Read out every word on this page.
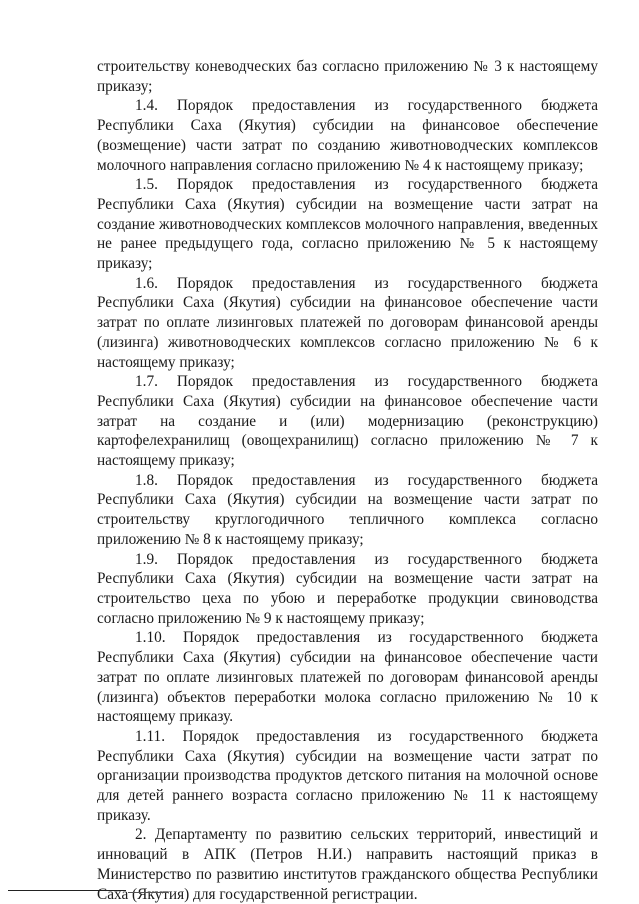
строительству коневодческих баз согласно приложению № 3 к настоящему приказу;

1.4. Порядок предоставления из государственного бюджета Республики Саха (Якутия) субсидии на финансовое обеспечение (возмещение) части затрат по созданию животноводческих комплексов молочного направления согласно приложению № 4 к настоящему приказу;

1.5. Порядок предоставления из государственного бюджета Республики Саха (Якутия) субсидии на возмещение части затрат на создание животноводческих комплексов молочного направления, введенных не ранее предыдущего года, согласно приложению № 5 к настоящему приказу;

1.6. Порядок предоставления из государственного бюджета Республики Саха (Якутия) субсидии на финансовое обеспечение части затрат по оплате лизинговых платежей по договорам финансовой аренды (лизинга) животноводческих комплексов согласно приложению № 6 к настоящему приказу;

1.7. Порядок предоставления из государственного бюджета Республики Саха (Якутия) субсидии на финансовое обеспечение части затрат на создание и (или) модернизацию (реконструкцию) картофелехранилищ (овощехранилищ) согласно приложению № 7 к настоящему приказу;

1.8. Порядок предоставления из государственного бюджета Республики Саха (Якутия) субсидии на возмещение части затрат по строительству круглогодичного тепличного комплекса согласно приложению № 8 к настоящему приказу;

1.9. Порядок предоставления из государственного бюджета Республики Саха (Якутия) субсидии на возмещение части затрат на строительство цеха по убою и переработке продукции свиноводства согласно приложению № 9 к настоящему приказу;

1.10. Порядок предоставления из государственного бюджета Республики Саха (Якутия) субсидии на финансовое обеспечение части затрат по оплате лизинговых платежей по договорам финансовой аренды (лизинга) объектов переработки молока согласно приложению № 10 к настоящему приказу.

1.11. Порядок предоставления из государственного бюджета Республики Саха (Якутия) субсидии на возмещение части затрат по организации производства продуктов детского питания на молочной основе для детей раннего возраста согласно приложению № 11 к настоящему приказу.

2. Департаменту по развитию сельских территорий, инвестиций и инноваций в АПК (Петров Н.И.) направить настоящий приказ в Министерство по развитию институтов гражданского общества Республики Саха (Якутия) для государственной регистрации.
